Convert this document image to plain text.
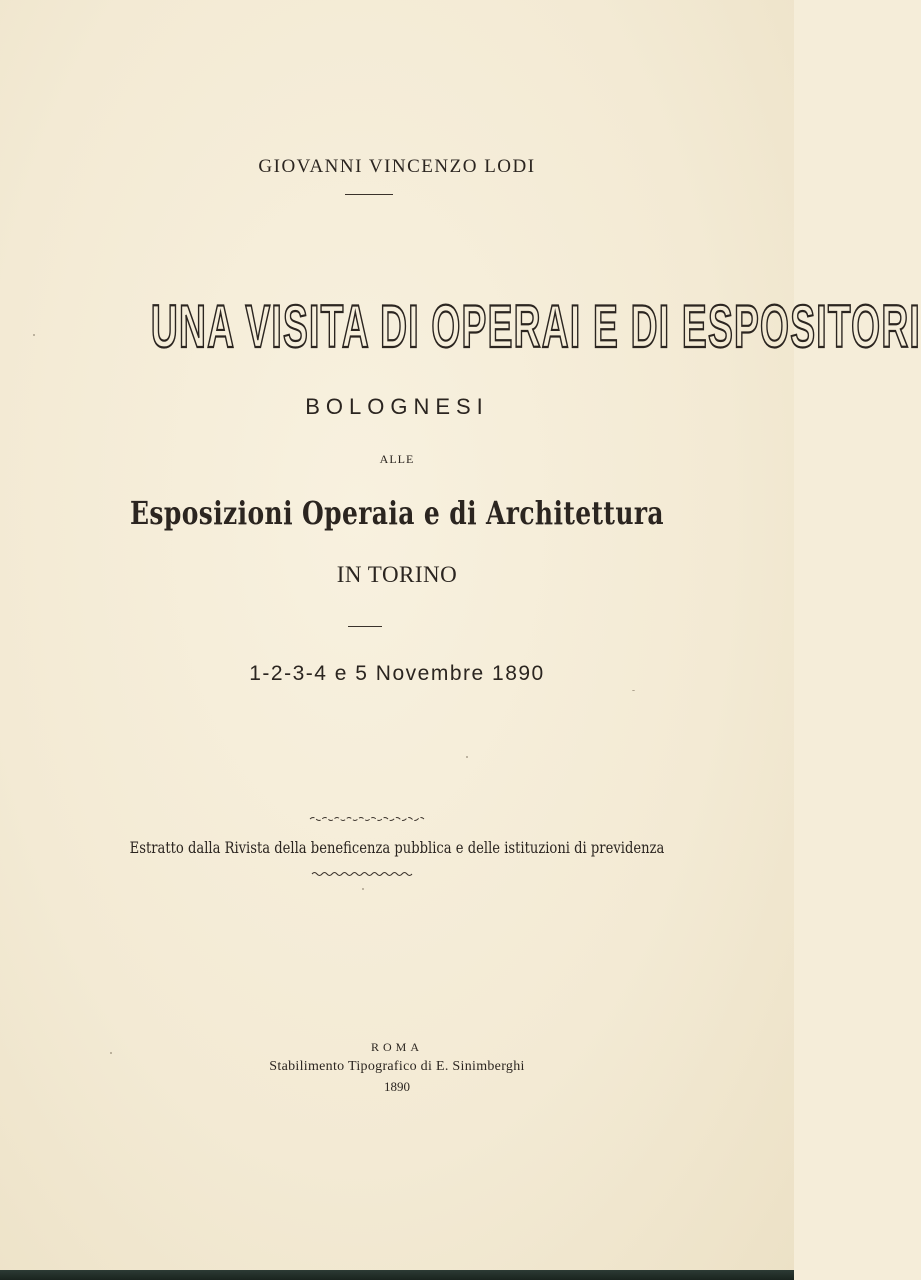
GIOVANNI VINCENZO LODI
UNA VISITA DI OPERAI E DI ESPOSITORI
BOLOGNESI
ALLE
Esposizioni Operaia e di Architettura
IN TORINO
1-2-3-4 e 5 Novembre 1890
Estratto dalla Rivista della beneficenza pubblica e delle istituzioni di previdenza
ROMA
Stabilimento Tipografico di E. Sinimberghi
1890
